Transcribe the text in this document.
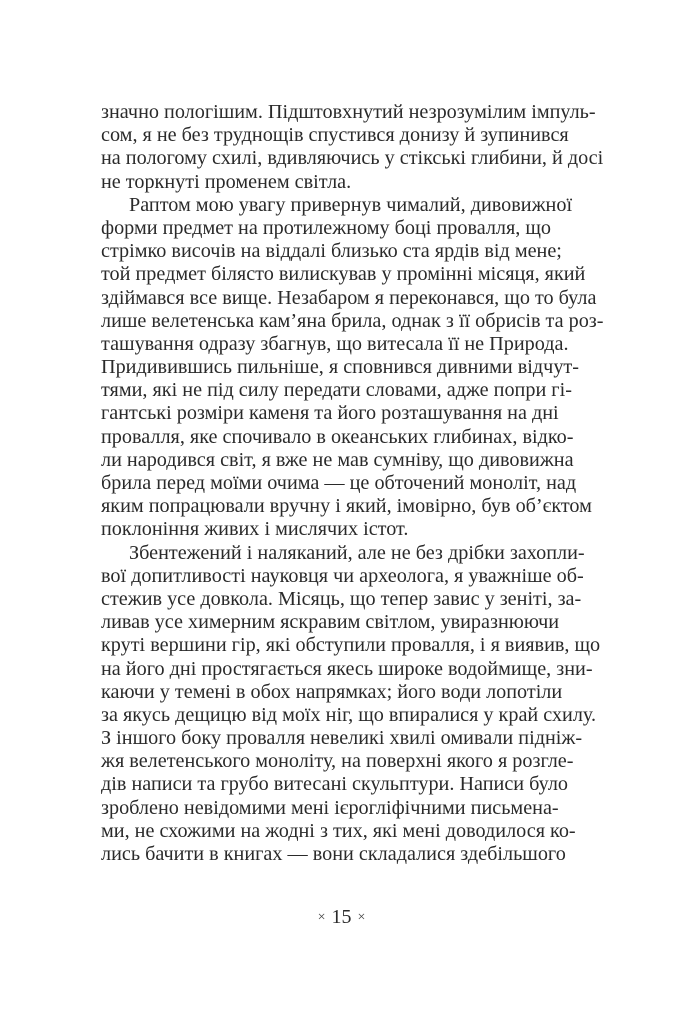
значно пологішим. Підштовхнутий незрозумілим імпуль-
сом, я не без труднощів спустився донизу й зупинився
на пологому схилі, вдивляючись у стікські глибини, й досі
не торкнуті променем світла.
Раптом мою увагу привернув чималий, дивовижної
форми предмет на протилежному боці провалля, що
стрімко височів на віддалі близько ста ярдів від мене;
той предмет білясто вилискував у промінні місяця, який
здіймався все вище. Незабаром я переконався, що то була
лише велетенська кам’яна брила, однак з її обрисів та роз-
ташування одразу збагнув, що витесала її не Природа.
Придивившись пильніше, я сповнився дивними відчут-
тями, які не під силу передати словами, адже попри гі-
гантські розміри каменя та його розташування на дні
провалля, яке спочивало в океанських глибинах, відко-
ли народився світ, я вже не мав сумніву, що дивовижна
брила перед моїми очима — це обточений моноліт, над
яким попрацювали вручну і який, імовірно, був об’єктом
поклоніння живих і мислячих істот.
Збентежений і наляканий, але не без дрібки захопли-
вої допитливості науковця чи археолога, я уважніше об-
стежив усе довкола. Місяць, що тепер завис у зеніті, за-
ливав усе химерним яскравим світлом, увиразнюючи
круті вершини гір, які обступили провалля, і я виявив, що
на його дні простягається якесь широке водоймище, зни-
каючи у темені в обох напрямках; його води лопотіли
за якусь дещицю від моїх ніг, що впиралися у край схилу.
З іншого боку провалля невеликі хвилі омивали підніж-
жя велетенського моноліту, на поверхні якого я розгле-
дів написи та грубо витесані скульптури. Написи було
зроблено невідомими мені ієрогліфічними письмена-
ми, не схожими на жодні з тих, які мені доводилося ко-
лись бачити в книгах — вони складалися здебільшого
× 15 ×
